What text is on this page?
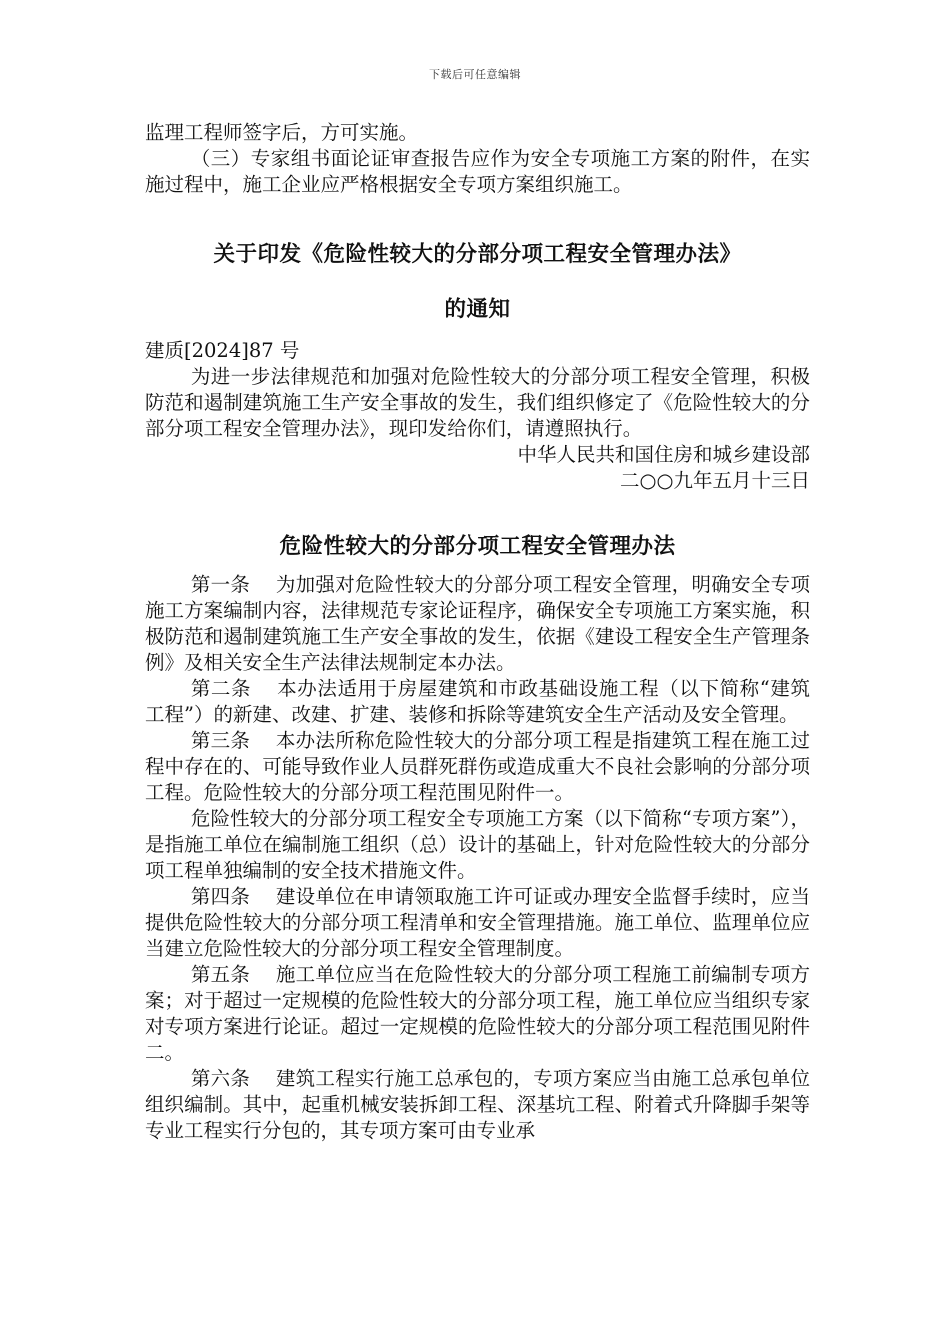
下载后可任意编辑

监理工程师签字后，方可实施。

（三）专家组书面论证审查报告应作为安全专项施工方案的附件，在实施过程中，施工企业应严格根据安全专项方案组织施工。

关于印发《危险性较大的分部分项工程安全管理办法》
的通知

建质[2024]87 号

为进一步法律规范和加强对危险性较大的分部分项工程安全管理，积极防范和遏制建筑施工生产安全事故的发生，我们组织修定了《危险性较大的分部分项工程安全管理办法》，现印发给你们，请遵照执行。

中华人民共和国住房和城乡建设部

二○○九年五月十三日

危险性较大的分部分项工程安全管理办法

第一条 为加强对危险性较大的分部分项工程安全管理，明确安全专项施工方案编制内容，法律规范专家论证程序，确保安全专项施工方案实施，积极防范和遏制建筑施工生产安全事故的发生，依据《建设工程安全生产管理条例》及相关安全生产法律法规制定本办法。

第二条 本办法适用于房屋建筑和市政基础设施工程（以下简称“建筑工程”）的新建、改建、扩建、装修和拆除等建筑安全生产活动及安全管理。

第三条 本办法所称危险性较大的分部分项工程是指建筑工程在施工过程中存在的、可能导致作业人员群死群伤或造成重大不良社会影响的分部分项工程。危险性较大的分部分项工程范围见附件一。

危险性较大的分部分项工程安全专项施工方案（以下简称“专项方案”），是指施工单位在编制施工组织（总）设计的基础上，针对危险性较大的分部分项工程单独编制的安全技术措施文件。

第四条 建设单位在申请领取施工许可证或办理安全监督手续时，应当提供危险性较大的分部分项工程清单和安全管理措施。施工单位、监理单位应当建立危险性较大的分部分项工程安全管理制度。

第五条 施工单位应当在危险性较大的分部分项工程施工前编制专项方案；对于超过一定规模的危险性较大的分部分项工程，施工单位应当组织专家对专项方案进行论证。超过一定规模的危险性较大的分部分项工程范围见附件二。

第六条 建筑工程实行施工总承包的，专项方案应当由施工总承包单位组织编制。其中，起重机械安装拆卸工程、深基坑工程、附着式升降脚手架等专业工程实行分包的，其专项方案可由专业承
